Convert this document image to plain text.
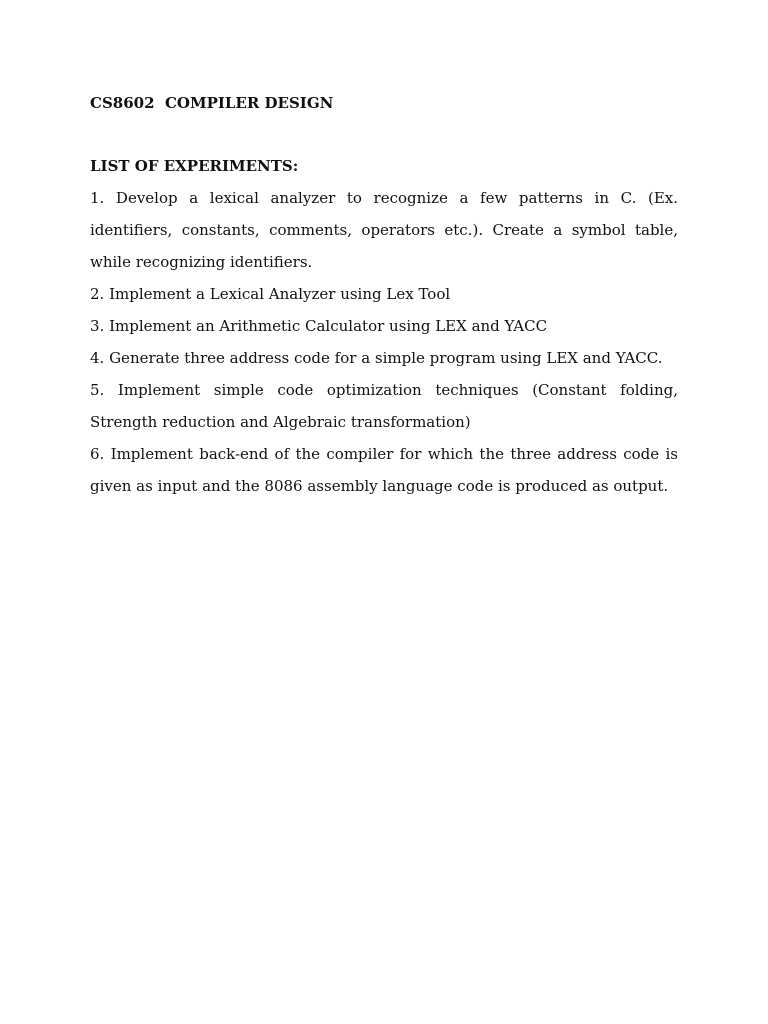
CS8602  COMPILER DESIGN

LIST OF EXPERIMENTS:

1. Develop a lexical analyzer to recognize a few patterns in C. (Ex. identifiers, constants, comments, operators etc.). Create a symbol table, while recognizing identifiers.
2. Implement a Lexical Analyzer using Lex Tool
3. Implement an Arithmetic Calculator using LEX and YACC
4. Generate three address code for a simple program using LEX and YACC.
5. Implement simple code optimization techniques (Constant folding, Strength reduction and Algebraic transformation)
6. Implement back-end of the compiler for which the three address code is given as input and the 8086 assembly language code is produced as output.
